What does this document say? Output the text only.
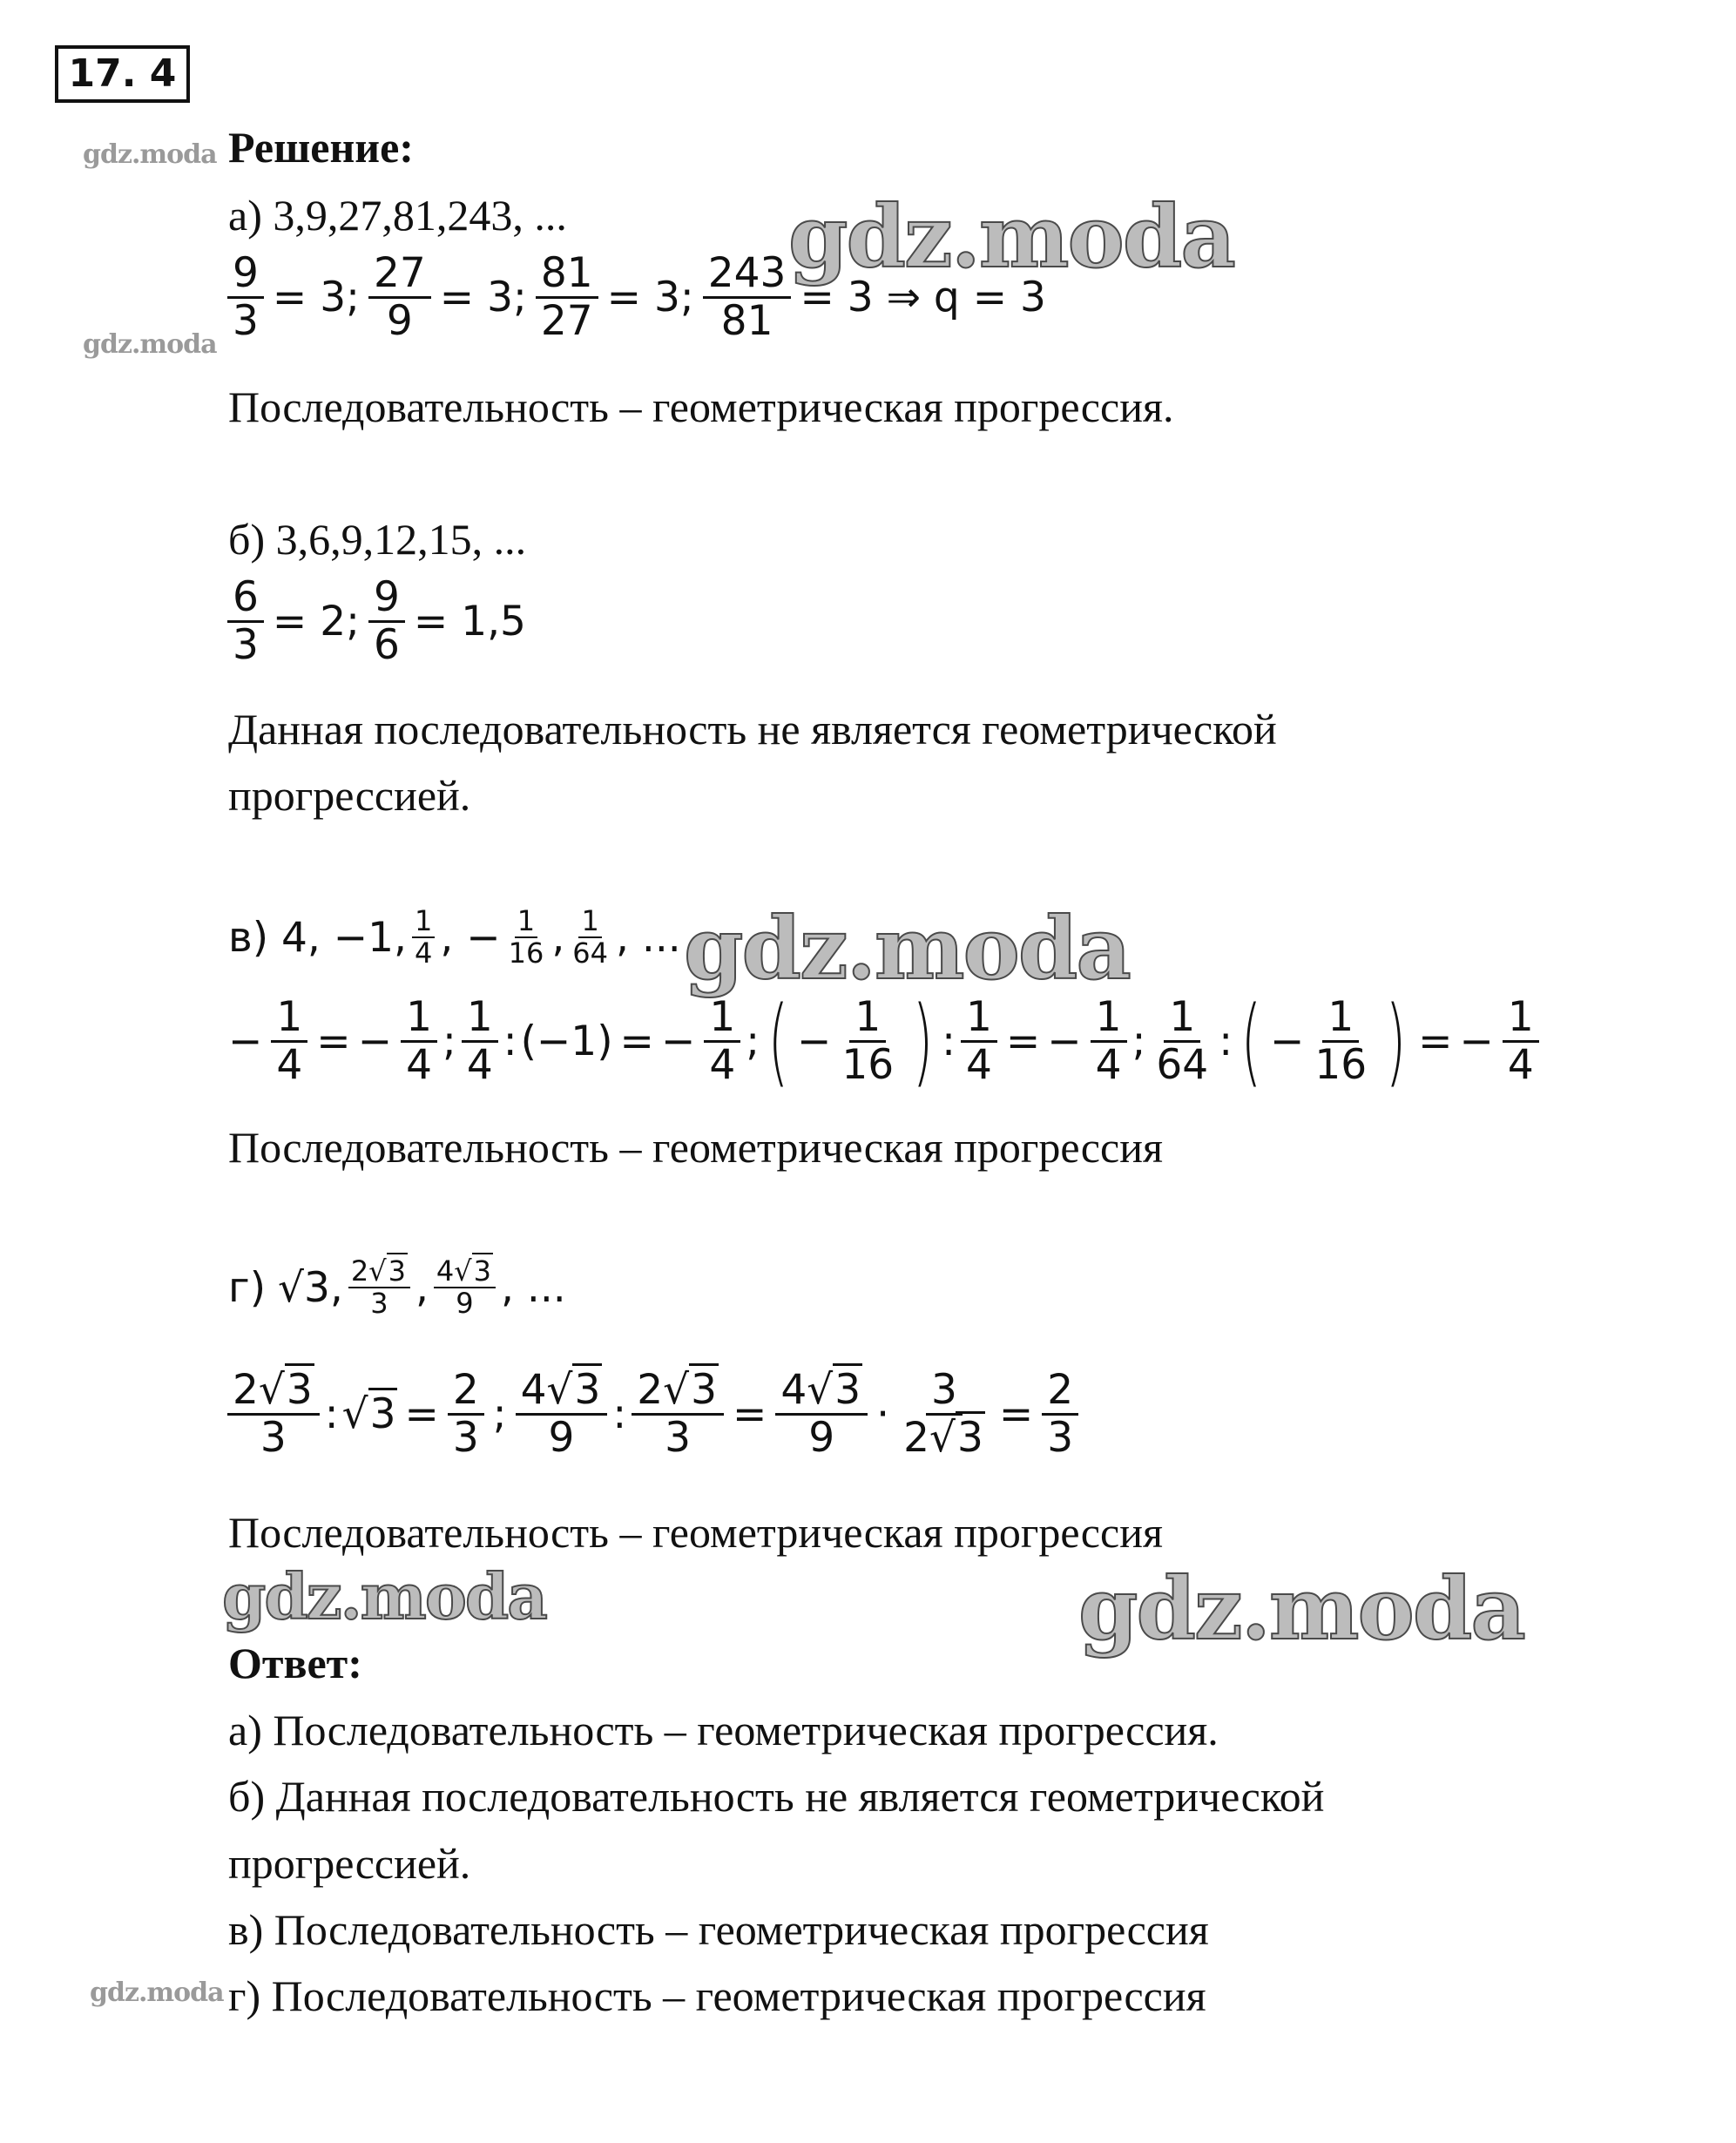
17. 4
gdz.moda
gdz.moda
gdz.moda
gdz.moda
gdz.moda
gdz.moda	gdz.moda
Решение:
а) 3,9,27,81,243, ...
$\frac{9}{3} = 3$; $\frac{27}{9} = 3$; $\frac{81}{27} = 3$; $\frac{243}{81} = 3$ ⇒ q = 3
Последовательность – геометрическая прогрессия.
б) 3,6,9,12,15, ...
$\frac{6}{3} = 2$; $\frac{9}{6} = 1,5$
Данная последовательность не является геометрической
прогрессией.
в) 4, −1, 1
4 , − $\frac{1}{16}$ , 1
64 , ...
− $\frac{1}{4}$ = − $\frac{1}{4}$ ;
1
4 : (−1) = − $\frac{1}{4}$ ; ( − $\frac{1}{16}$ ) : $\frac{1}{4}$ = − $\frac{1}{4}$ ;
1
64 : ( − $\frac{1}{16}$ ) = − $\frac{1}{4}$
Последовательность – геометрическая прогрессия
г) √3 , 2√3
3 , 4√3
9 , ...
2√3
3 : $√3 = \frac{2}{3}$ ;
4√3
9 : $\frac{2√3}{3} = \frac{4√3}{9} \cdot \frac{3}{2√3} = \frac{2}{3}$
Последовательность – геометрическая прогрессия
Ответ:
а) Последовательность – геометрическая прогрессия.
б) Данная последовательность не является геометрической
прогрессией.
в) Последовательность – геометрическая прогрессия
г) Последовательность – геометрическая прогрессия
